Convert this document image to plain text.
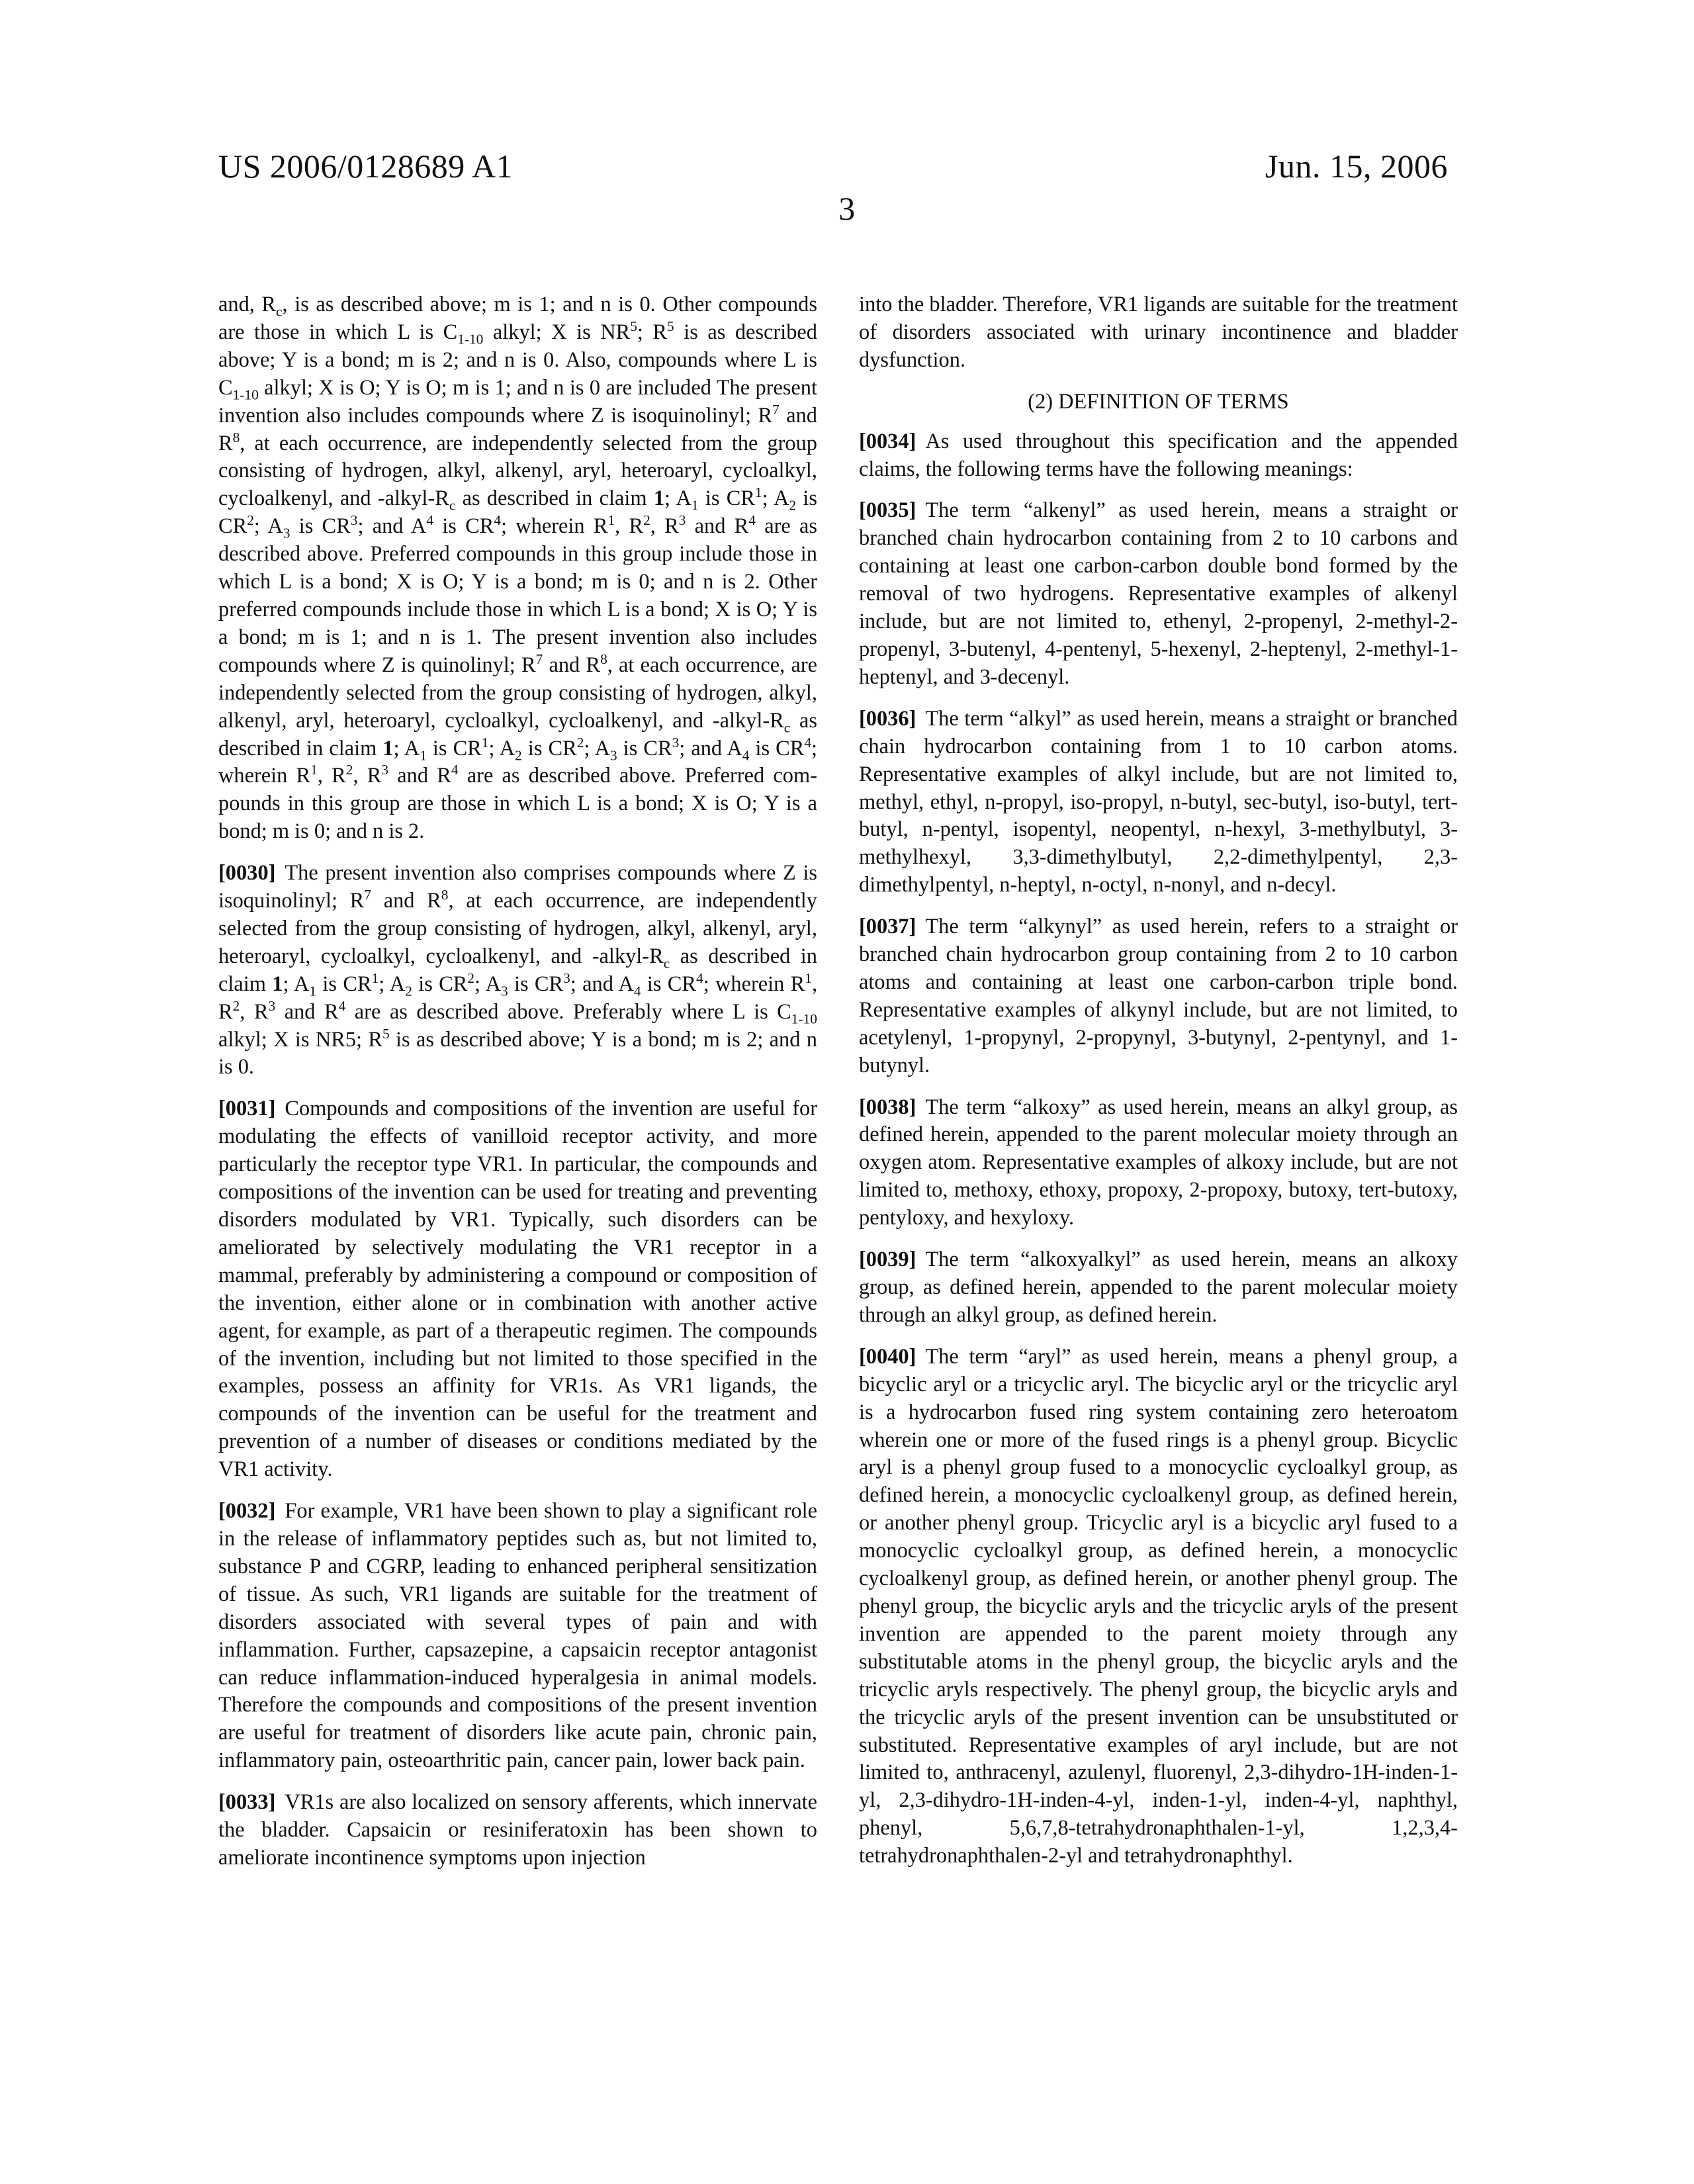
US 2006/0128689 A1	Jun. 15, 2006
3

and, Rc, is as described above; m is 1; and n is 0. Other compounds are those in which L is C1-10 alkyl; X is NR5; R5 is as described above; Y is a bond; m is 2; and n is 0. Also, compounds where L is C1-10 alkyl; X is O; Y is O; m is 1; and n is 0 are included The present invention also includes compounds where Z is isoquinolinyl; R7 and R8, at each occurrence, are independently selected from the group con­sisting of hydrogen, alkyl, alkenyl, aryl, heteroaryl, cycloalkyl, cycloalkenyl, and -alkyl-Rc as described in claim 1; A1 is CR1; A2 is CR2; A3 is CR3; and A4 is CR4; wherein R1, R2, R3 and R4 are as described above. Preferred com­pounds in this group include those in which L is a bond; X is O; Y is a bond; m is 0; and n is 2. Other preferred compounds include those in which L is a bond; X is O; Y is a bond; m is 1; and n is 1. The present invention also includes compounds where Z is quinolinyl; R7 and R8, at each occurrence, are independently selected from the group consisting of hydrogen, alkyl, alkenyl, aryl, heteroaryl, cycloalkyl, cycloalkenyl, and -alkyl-Rc as described in claim 1; A1 is CR1; A2 is CR2; A3 is CR3; and A4 is CR4; wherein R1, R2, R3 and R4 are as described above. Preferred com­pounds in this group are those in which L is a bond; X is O; Y is a bond; m is 0; and n is 2.

[0030] The present invention also comprises compounds where Z is isoquinolinyl; R7 and R8, at each occurrence, are independently selected from the group consisting of hydro­gen, alkyl, alkenyl, aryl, heteroaryl, cycloalkyl, cycloalk­enyl, and -alkyl-Rc as described in claim 1; A1 is CR1; A2 is CR2; A3 is CR3; and A4 is CR4; wherein R1, R2, R3 and R4 are as described above. Preferably where L is C1-10 alkyl; X is NR5; R5 is as described above; Y is a bond; m is 2; and n is 0.

[0031] Compounds and compositions of the invention are useful for modulating the effects of vanilloid receptor activ­ity, and more particularly the receptor type VR1. In particu­lar, the compounds and compositions of the invention can be used for treating and preventing disorders modulated by VR1. Typically, such disorders can be ameliorated by selec­tively modulating the VR1 receptor in a mammal, preferably by administering a compound or composition of the inven­tion, either alone or in combination with another active agent, for example, as part of a therapeutic regimen. The compounds of the invention, including but not limited to those specified in the examples, possess an affinity for VR1s. As VR1 ligands, the compounds of the invention can be useful for the treatment and prevention of a number of diseases or conditions mediated by the VR1 activity.

[0032] For example, VR1 have been shown to play a significant role in the release of inflammatory peptides such as, but not limited to, substance P and CGRP, leading to enhanced peripheral sensitization of tissue. As such, VR1 ligands are suitable for the treatment of disorders associated with several types of pain and with inflammation. Further, capsazepine, a capsaicin receptor antagonist can reduce inflammation-induced hyperalgesia in animal models. Therefore the compounds and compositions of the present invention are useful for treatment of disorders like acute pain, chronic pain, inflammatory pain, osteoarthritic pain, cancer pain, lower back pain.

[0033] VR1s are also localized on sensory afferents, which innervate the bladder. Capsaicin or resiniferatoxin has been shown to ameliorate incontinence symptoms upon injection

into the bladder. Therefore, VR1 ligands are suitable for the treatment of disorders associated with urinary incontinence and bladder dysfunction.

(2) DEFINITION OF TERMS

[0034] As used throughout this specification and the appended claims, the following terms have the following meanings:

[0035] The term “alkenyl” as used herein, means a straight or branched chain hydrocarbon containing from 2 to 10 carbons and containing at least one carbon-carbon double bond formed by the removal of two hydrogens. Represen­tative examples of alkenyl include, but are not limited to, ethenyl, 2-propenyl, 2-methyl-2-propenyl, 3-butenyl, 4-pen­tenyl, 5-hexenyl, 2-heptenyl, 2-methyl-1-heptenyl, and 3-decenyl.

[0036] The term “alkyl” as used herein, means a straight or branched chain hydrocarbon containing from 1 to 10 carbon atoms. Representative examples of alkyl include, but are not limited to, methyl, ethyl, n-propyl, iso-propyl, n-bu­tyl, sec-butyl, iso-butyl, tert-butyl, n-pentyl, isopentyl, neo­pentyl, n-hexyl, 3-methylbutyl, 3-methylhexyl, 3,3-dimeth­ylbutyl, 2,2-dimethylpentyl, 2,3-dimethylpentyl, n-heptyl, n-octyl, n-nonyl, and n-decyl.

[0037] The term “alkynyl” as used herein, refers to a straight or branched chain hydrocarbon group containing from 2 to 10 carbon atoms and containing at least one carbon-carbon triple bond. Representative examples of alky­nyl include, but are not limited, to acetylenyl, 1-propynyl, 2-propynyl, 3-butynyl, 2-pentynyl, and 1-butynyl.

[0038] The term “alkoxy” as used herein, means an alkyl group, as defined herein, appended to the parent molecular moiety through an oxygen atom. Representative examples of alkoxy include, but are not limited to, methoxy, ethoxy, propoxy, 2-propoxy, butoxy, tert-butoxy, pentyloxy, and hexyloxy.

[0039] The term “alkoxyalkyl” as used herein, means an alkoxy group, as defined herein, appended to the parent molecular moiety through an alkyl group, as defined herein.

[0040] The term “aryl” as used herein, means a phenyl group, a bicyclic aryl or a tricyclic aryl. The bicyclic aryl or the tricyclic aryl is a hydrocarbon fused ring system con­taining zero heteroatom wherein one or more of the fused rings is a phenyl group. Bicyclic aryl is a phenyl group fused to a monocyclic cycloalkyl group, as defined herein, a monocyclic cycloalkenyl group, as defined herein, or another phenyl group. Tricyclic aryl is a bicyclic aryl fused to a monocyclic cycloalkyl group, as defined herein, a monocyclic cycloalkenyl group, as defined herein, or another phenyl group. The phenyl group, the bicyclic aryls and the tricyclic aryls of the present invention are appended to the parent moiety through any substitutable atoms in the phenyl group, the bicyclic aryls and the tricyclic aryls respectively. The phenyl group, the bicyclic aryls and the tricyclic aryls of the present invention can be unsubstituted or substituted. Representative examples of aryl include, but are not limited to, anthracenyl, azulenyl, fluorenyl, 2,3-dihydro-1H-inden-1-yl, 2,3-dihydro-1H-inden-4-yl, inden-1-yl, inden-4-yl, naphthyl, phenyl, 5,6,7,8-tetrahydronaph­thalen-1-yl, 1,2,3,4-tetrahydronaphthalen-2-yl and tetrahydronaphthyl.
